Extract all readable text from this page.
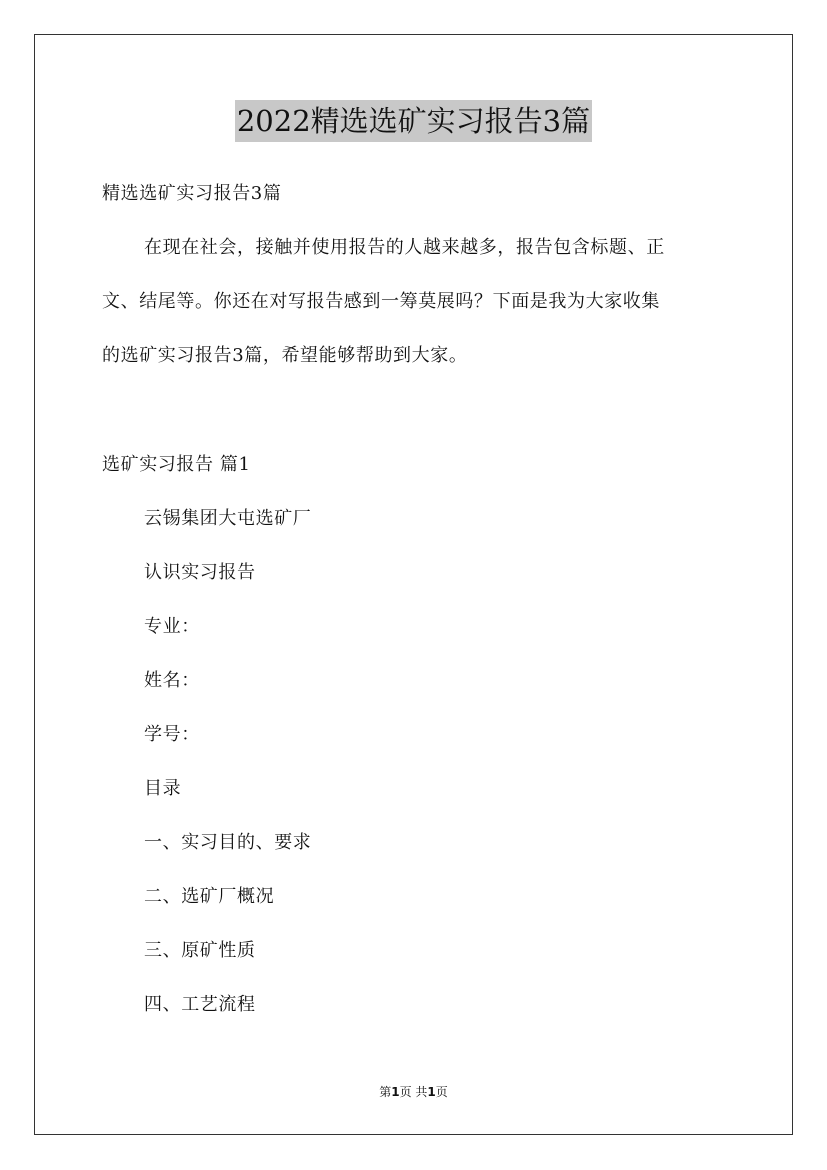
2022精选选矿实习报告3篇
精选选矿实习报告3篇
在现在社会，接触并使用报告的人越来越多，报告包含标题、正
文、结尾等。你还在对写报告感到一筹莫展吗？下面是我为大家收集
的选矿实习报告3篇，希望能够帮助到大家。
选矿实习报告 篇1
云锡集团大屯选矿厂
认识实习报告
专业：
姓名：
学号：
目录
一、实习目的、要求
二、选矿厂概况
三、原矿性质
四、工艺流程
第1页 共1页
